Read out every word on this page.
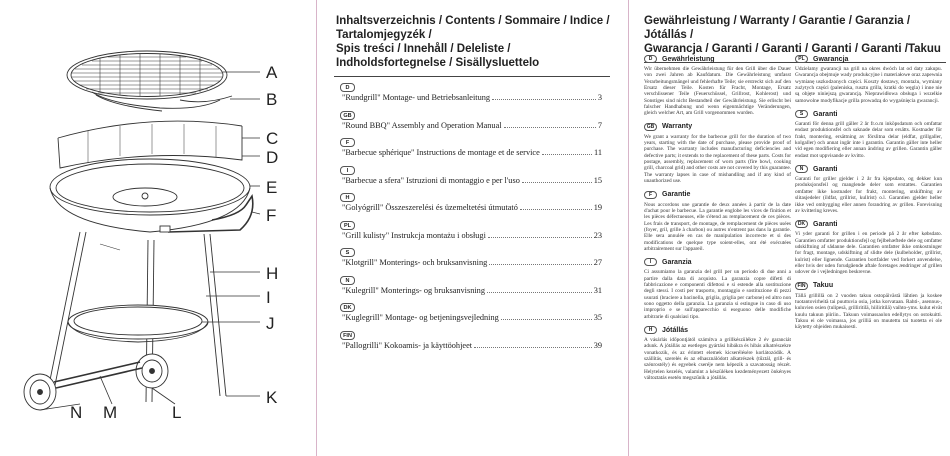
A
B
C
D
E
F
H
I
J
K
N M	L
Inhaltsverzeichnis / Contents / Sommaire / Indice / Tartalomjegyzék /
Spis treści / Innehåll / Deleliste / Indholdsfortegnelse / Sisällysluettelo
D
"Rundgrill" Montage- und Betriebsanleitung	3
GB
"Round BBQ" Assembly and Operation Manual	7
F
"Barbecue sphérique" Instructions de montage et de service	11
I
"Barbecue a sfera" Istruzioni di montaggio e per l'uso	15
H
"Golyógrill" Összeszerelési és üzemeltetési útmutató	19
PL
"Grill kulisty" Instrukcja montażu i obsługi	23
S
"Klotgrill" Monterings- och bruksanvisning	27
N
"Kulegrill" Monterings- og bruksanvisning	31
DK
"Kuglegrill" Montage- og betjeningsvejledning	35
FIN
"Pallogrilli" Kokoamis- ja käyttöohjeet	39
Gewährleistung / Warranty / Garantie / Garanzia / Jótállás /
Gwarancja / Garanti / Garanti / Garanti / Garanti /Takuu
D	Gewährleistung
Wir übernehmen die Gewährleistung für den Grill über die Dauer von zwei Jahren ab Kaufdatum. Die Gewährleistung umfasst Verarbeitungsmängel und fehlerhafte Teile; sie erstreckt sich auf den Ersatz dieser Teile. Kosten für Fracht, Montage, Ersatz verschlissener Teile (Feuerschüssel, Grillrost, Kohlerost) und Sonstiges sind nicht Bestandteil der Gewährleistung. Sie erlischt bei falscher Handhabung und wenn eigenmächtige Veränderungen, gleich welcher Art, am Grill vorgenommen wurden.
GB	Warranty
We grant a warranty for the barbecue grill for the duration of two years, starting with the date of purchase, please provide proof of purchase. The warranty includes manufacturing deficiencies and defective parts; it extends to the replacement of these parts. Costs for postage, assembly, replacement of worn parts (fire bowl, cooking grill, charcoal grid) and other costs are not covered by this guarantee. The warranty lapses in case of mishandling and if any kind of unauthorized use.
F	Garantie
Nous accordons une garantie de deux années à partir de la date d'achat pour le barbecue. La garantie englobe les vices de finition et les pièces défectueuses, elle s'étend au remplacement de ces pièces. Les frais de transport, de montage, de remplacement de pièces usées (foyer, gril, grille à charbon) ou autres n'entrent pas dans la garantie. Elle sera annulée en cas de manipulation incorrecte et si des modifications de quelque type soient-elles, ont été exécutées arbitrairement sur l'appareil.
I	Garanzia
Ci assumiamo la garanzia del grill per un periodo di due anni a partire dalla data di acquisto. La garanzia copre difetti di fabbricazione e componenti difettosi e si estende alla sostituzione degli stessi. I costi per trasporto, montaggio e sostituzione di pezzi usurati (braciere a bacinella, griglia, griglia per carbone) ed altro non sono oggetto della garanzia. La garanzia si estingue in caso di uso improprio e se sull'apparecchio si eseguono delle modifiche arbitrarie di qualsiasi tipo.
H	Jótállás
A vásárlás időpontjától számítva a grillkészülékre 2 év garanciát adunk. A jótállás az esetleges gyártási hibákra és hibás alkatrészekre vonatkozik, és az érintett elemek kicserélésére korlátozódik. A szállítás, szerelés és az elhasználódott alkatrészek (tűztál, grill- és szénrostély) és egyebek cseréje nem képezik a szavatosság részét. Helytelen kezelés, valamint a készüléken kezdeményezett önkényes változtatás esetén megszűnik a jótállás.
PL	Gwarancja
Udzielamy gwarancji na grill na okres dwóch lat od daty zakupu. Gwarancja obejmuje wady produkcyjne i materiałowe oraz zapewnia wymianę uszkodzonych części. Koszty dostawy, montażu, wymiany zużytych części (paleniska, rusztu grilla, kratki do węgla) i inne nie są objęte niniejszą gwarancją. Nieprawidłowa obsługa i wszelkie samowolne modyfikacje grilla prowadzą do wygaśnięcia gwarancji.
S	Garanti
Garanti för denna grill gäller 2 år fr.o.m inköpsdatum och omfattar endast produktionsfel och saknade delar som ersätts. Kostnader för frakt, montering, ersättning av förslitna delar (eldfat, grillgaller, kolgaller) och annat ingår inte i garantin. Garantin gäller inte heller vid egen modifiering eller annan ändring av grillen. Garantin gäller endast mot uppvisande av kvitto.
N	Garanti
Garanti for griller gjelder i 2 år fra kjøpsdato, og dekker kun produksjonsfeil og manglende deler som erstattes. Garantien omfatter ikke kostnader for frakt, montering, utskiftning av slitasjedeler (ildfat, grillrist, kullrist) o.l. Garantien gjelder heller ikke ved ombygging eller annen forandring av grillen. Forevisning av kvittering kreves.
DK	Garanti
Vi yder garanti for grillen i en periode på 2 år efter købsdato. Garantien omfatter produktionsfejl og fejlbehæftede dele og omfatter udskiftning af sådanne dele. Garantien omfatter ikke omkostninger for fragt, montage, udskiftning af slidte dele (kulbeholder, grillrist, kulrist) eller lignende. Garantien bortfalder ved forkert anvendelse, eller hvis der uden forudgående aftale foretages ændringer af grillen udover de i vejledningen beskrevne.
FIN	Takuu
Tällä grillillä on 2 vuoden takuu ostopäivästä lähtien ja koskee tuotantovirheitä tai puuttuvia osia, jotka korvataan. Rahti-, asennus-, kuluvien osien (tulipesä, grilliritilä, hiiliritilä) vaihto-yms. kulut eivät kuulu takuun piiriin.. Takuun voimassaolon edellytys on ostokuitti. Takuu ei ole voimassa, jos grilliä on muutettu tai tuotetta ei ole käytetty ohjeiden mukaisesti.
